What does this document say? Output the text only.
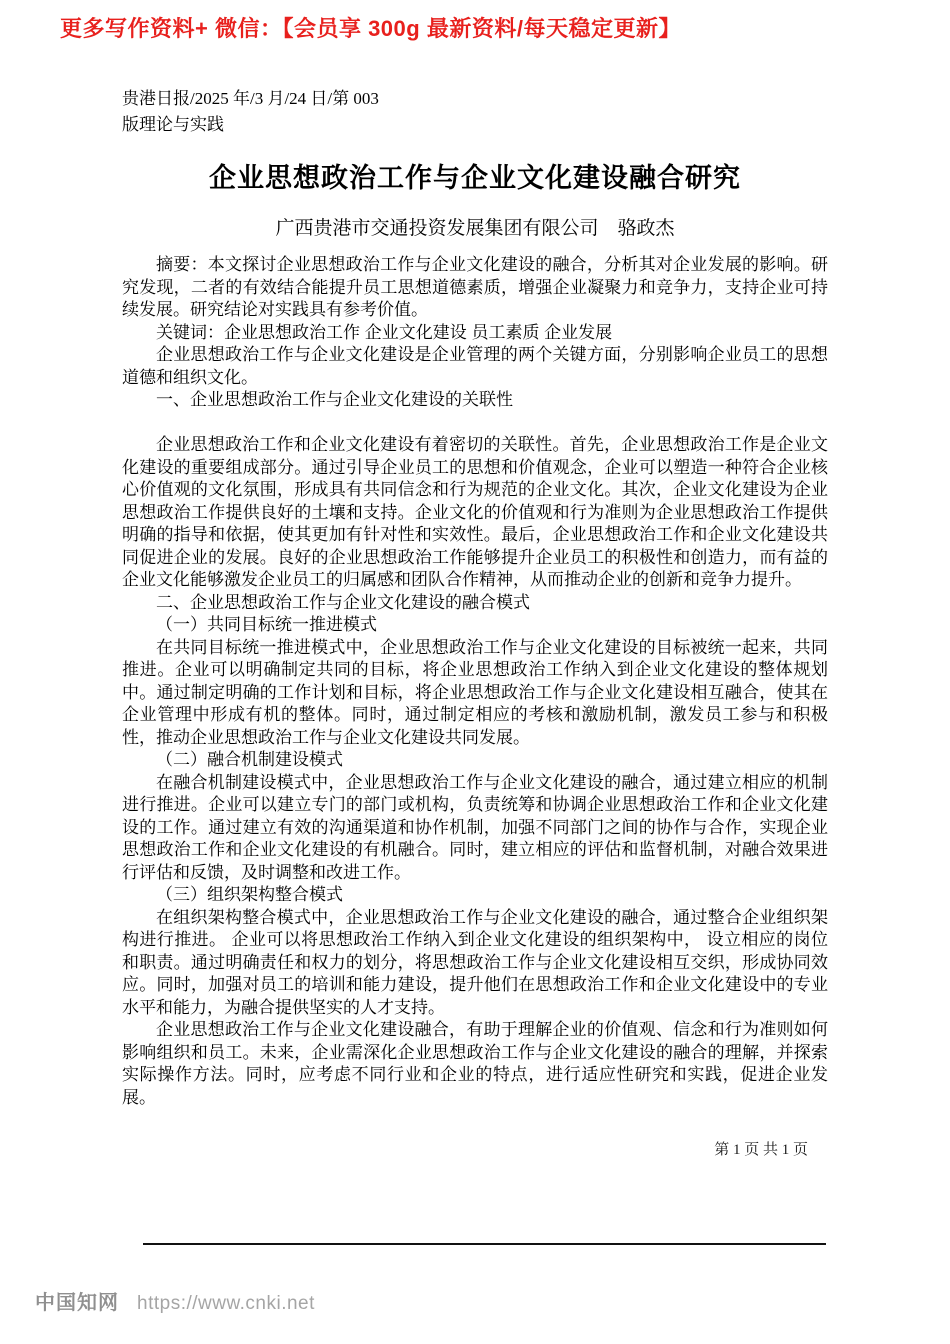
更多写作资料+ 微信：【会员享 300g 最新资料/每天稳定更新】
贵港日报/2025 年/3 月/24 日/第 003
版理论与实践
企业思想政治工作与企业文化建设融合研究
广西贵港市交通投资发展集团有限公司　骆政杰

摘要：本文探讨企业思想政治工作与企业文化建设的融合，分析其对企业发展的影响。研究发现，二者的有效结合能提升员工思想道德素质，增强企业凝聚力和竞争力，支持企业可持续发展。研究结论对实践具有参考价值。

关键词：企业思想政治工作 企业文化建设 员工素质 企业发展

企业思想政治工作与企业文化建设是企业管理的两个关键方面，分别影响企业员工的思想道德和组织文化。

一、企业思想政治工作与企业文化建设的关联性

企业思想政治工作和企业文化建设有着密切的关联性。首先，企业思想政治工作是企业文化建设的重要组成部分。通过引导企业员工的思想和价值观念，企业可以塑造一种符合企业核心价值观的文化氛围，形成具有共同信念和行为规范的企业文化。其次，企业文化建设为企业思想政治工作提供良好的土壤和支持。企业文化的价值观和行为准则为企业思想政治工作提供明确的指导和依据，使其更加有针对性和实效性。最后，企业思想政治工作和企业文化建设共同促进企业的发展。良好的企业思想政治工作能够提升企业员工的积极性和创造力，而有益的企业文化能够激发企业员工的归属感和团队合作精神，从而推动企业的创新和竞争力提升。

二、企业思想政治工作与企业文化建设的融合模式

（一）共同目标统一推进模式

在共同目标统一推进模式中，企业思想政治工作与企业文化建设的目标被统一起来，共同推进。企业可以明确制定共同的目标，将企业思想政治工作纳入到企业文化建设的整体规划中。通过制定明确的工作计划和目标，将企业思想政治工作与企业文化建设相互融合，使其在企业管理中形成有机的整体。同时，通过制定相应的考核和激励机制，激发员工参与和积极性，推动企业思想政治工作与企业文化建设共同发展。

（二）融合机制建设模式

在融合机制建设模式中，企业思想政治工作与企业文化建设的融合，通过建立相应的机制进行推进。企业可以建立专门的部门或机构，负责统筹和协调企业思想政治工作和企业文化建设的工作。通过建立有效的沟通渠道和协作机制，加强不同部门之间的协作与合作，实现企业思想政治工作和企业文化建设的有机融合。同时，建立相应的评估和监督机制，对融合效果进行评估和反馈，及时调整和改进工作。

（三）组织架构整合模式

在组织架构整合模式中，企业思想政治工作与企业文化建设的融合，通过整合企业组织架构进行推进。 企业可以将思想政治工作纳入到企业文化建设的组织架构中， 设立相应的岗位和职责。通过明确责任和权力的划分，将思想政治工作与企业文化建设相互交织，形成协同效应。同时，加强对员工的培训和能力建设，提升他们在思想政治工作和企业文化建设中的专业水平和能力，为融合提供坚实的人才支持。

企业思想政治工作与企业文化建设融合，有助于理解企业的价值观、信念和行为准则如何影响组织和员工。未来，企业需深化企业思想政治工作与企业文化建设的融合的理解，并探索实际操作方法。同时，应考虑不同行业和企业的特点，进行适应性研究和实践，促进企业发展。

第 1 页 共 1 页
中国知网 https://www.cnki.net
